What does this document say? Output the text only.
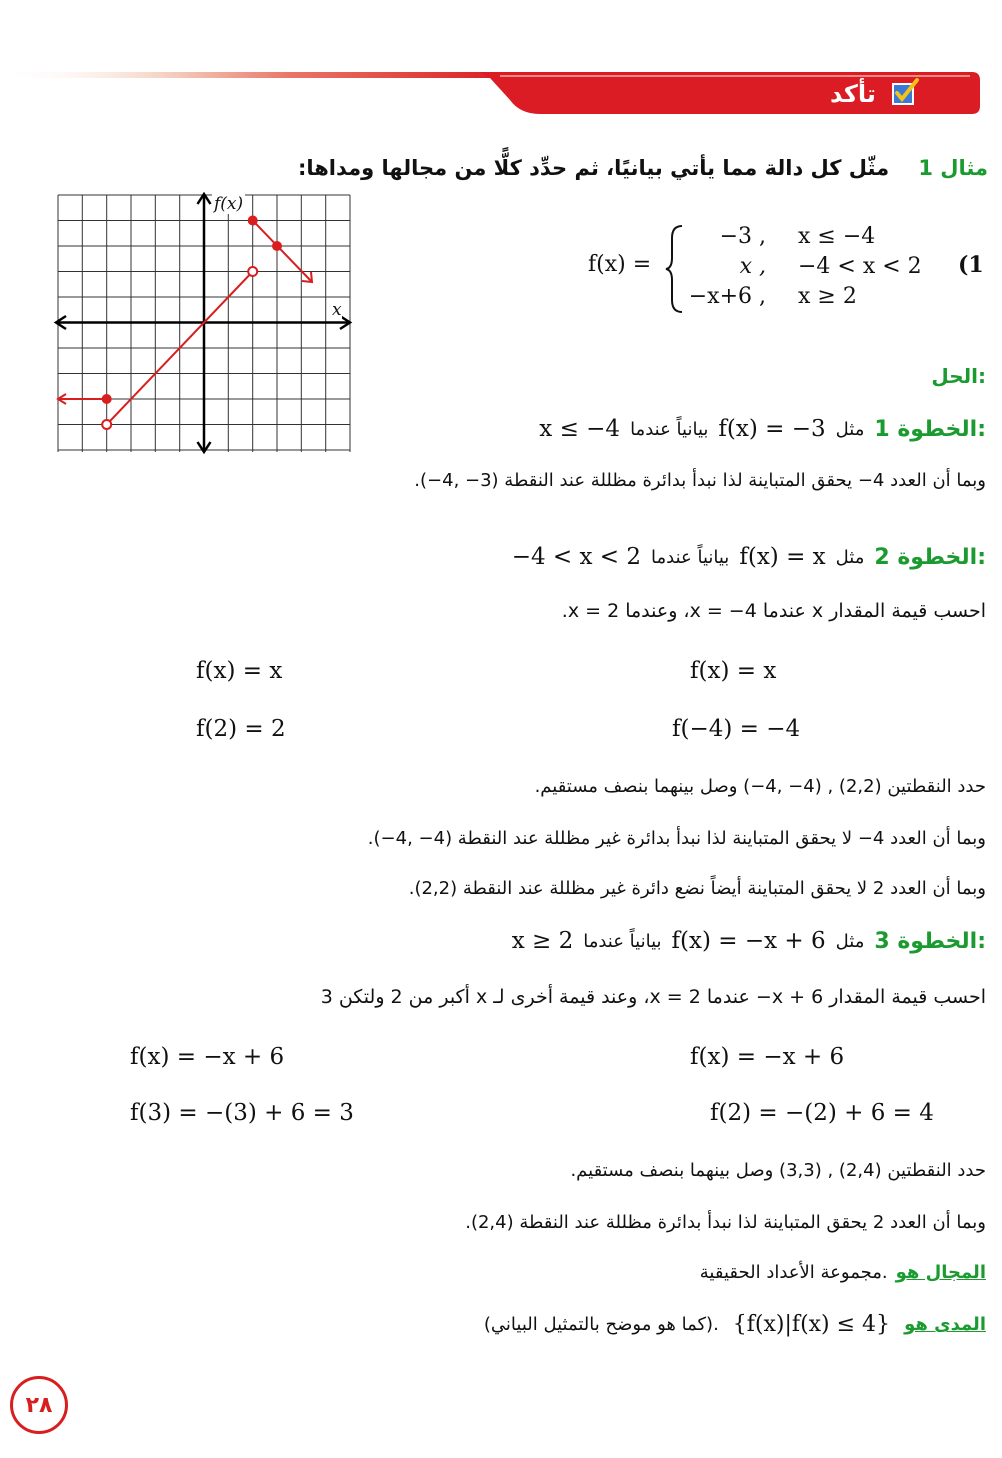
تأكد
مثال 1    مثّل كل دالة مما يأتي بيانيًا، ثم حدِّد كلًّا من مجالها ومداها:
f(x) =
−3 , x ≤ −4
x , −4 < x < 2
−x+6 , x ≥ 2
(1
f(x)
x
الحل:
الخطوة 1:
مثل
f(x) = −3
بيانياً عندما
x ≤ −4
وبما أن العدد 4− يحقق المتباينة لذا نبدأ بدائرة مظللة عند النقطة (3− ,4−).
الخطوة 2:
مثل
f(x) = x
بيانياً عندما
−4 < x < 2
احسب قيمة المقدار x عندما 4− = x، وعندما 2 = x.
f(x) = x
f(2) = 2
f(x) = x
f(−4) = −4
حدد النقطتين (2,2) , (4− ,4−) وصل بينهما بنصف مستقيم.
وبما أن العدد 4− لا يحقق المتباينة لذا نبدأ بدائرة غير مظللة عند النقطة (4− ,4−).
وبما أن العدد 2 لا يحقق المتباينة أيضاً نضع دائرة غير مظللة عند النقطة (2,2).
الخطوة 3:
مثل
f(x) = −x + 6
بيانياً عندما
x ≥ 2
احسب قيمة المقدار 6 + x− عندما 2 = x، وعند قيمة أخرى لـ x أكبر من 2 ولتكن 3
f(x) = −x + 6
f(3) = −(3) + 6 = 3
f(x) = −x + 6
f(2) = −(2) + 6 = 4
حدد النقطتين (2,4) , (3,3) وصل بينهما بنصف مستقيم.
وبما أن العدد 2 يحقق المتباينة لذا نبدأ بدائرة مظللة عند النقطة (2,4).
المجال هو
مجموعة الأعداد الحقيقية.
المدى هو
{f(x)|f(x) ≤ 4}
(كما هو موضح بالتمثيل البياني).
٢٨
